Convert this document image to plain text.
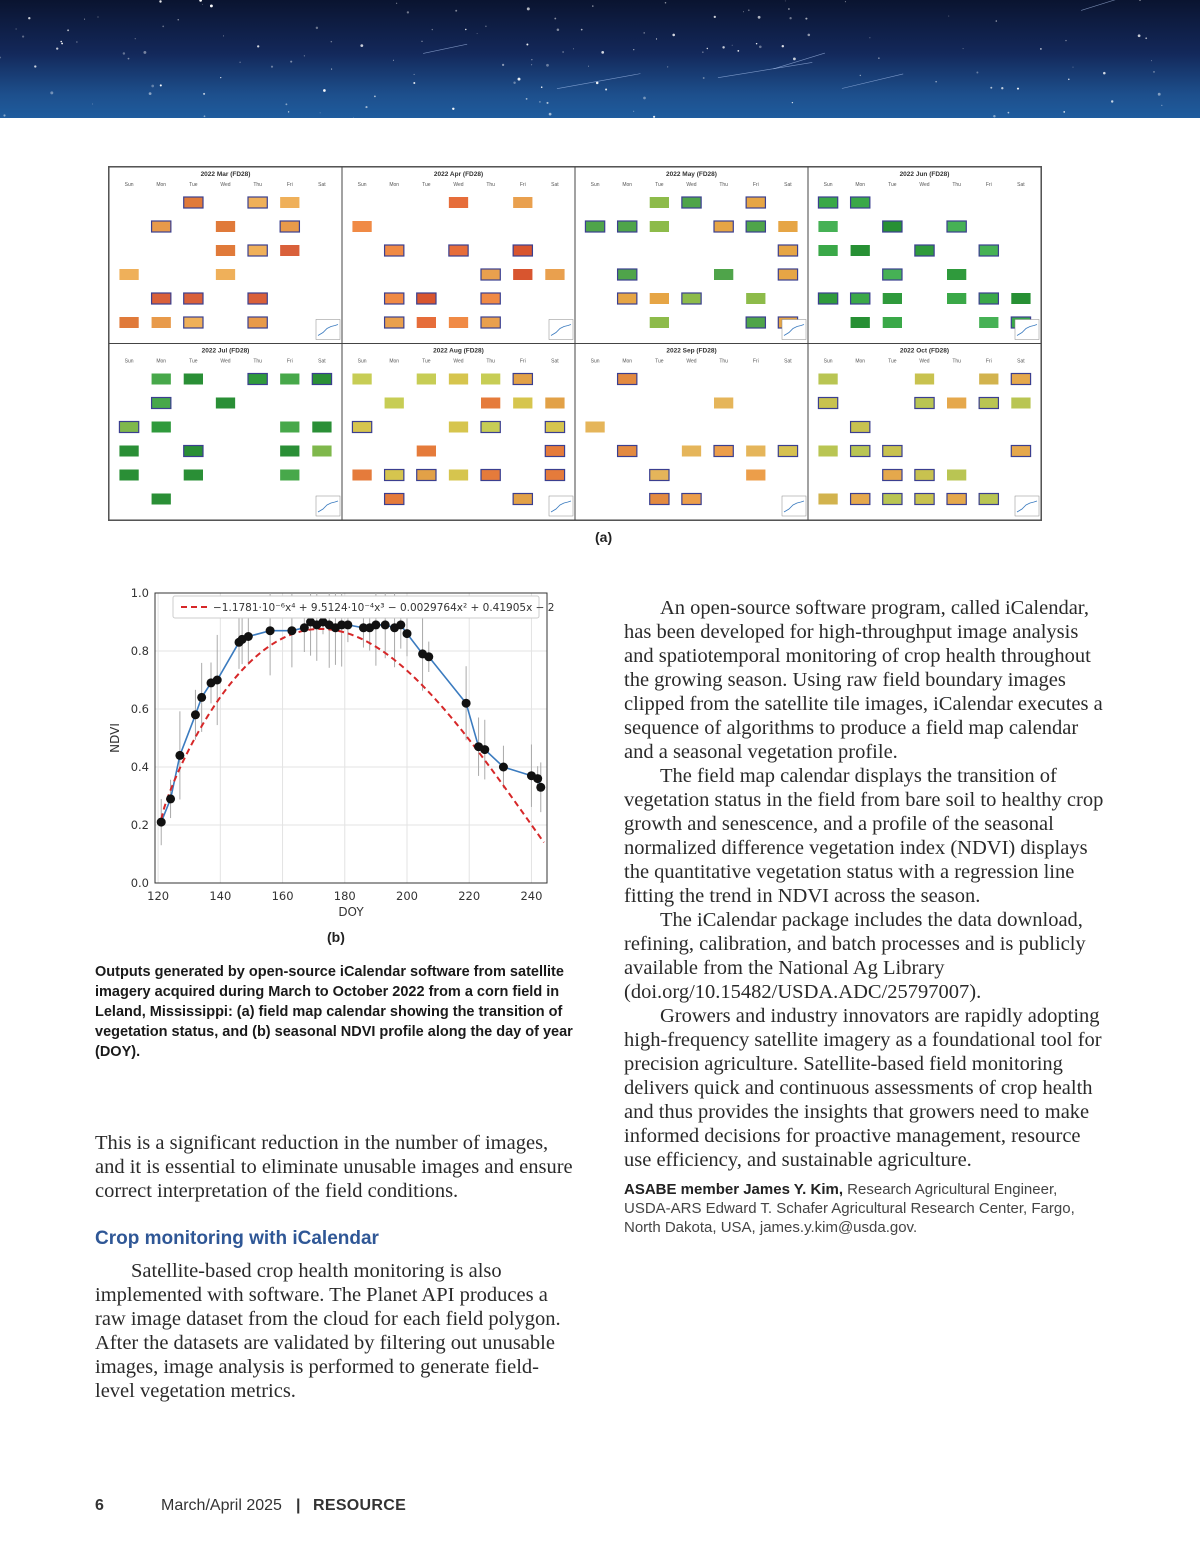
2022 Mar (FD28)
Sun	Mon	Tue	Wed	Thu	Fri	Sat
2022 Apr (FD28)
Sun	Mon	Tue	Wed	Thu	Fri	Sat
2022 May (FD28)
Sun	Mon	Tue	Wed	Thu	Fri	Sat
2022 Jun (FD28)
Sun	Mon	Tue	Wed	Thu	Fri	Sat
2022 Jul (FD28)
Sun	Mon	Tue	Wed	Thu	Fri	Sat
2022 Aug (FD28)
Sun	Mon	Tue	Wed	Thu	Fri	Sat
2022 Sep (FD28)
Sun	Mon	Tue	Wed	Thu	Fri	Sat
2022 Oct (FD28)
Sun	Mon	Tue	Wed	Thu	Fri	Sat
(a)
120	140	160	180	200	220	240
0.0
0.2
0.4
0.6
0.8
1.0
−1.1781·10⁻⁶x⁴ + 9.5124·10⁻⁴x³ − 0.0029764x² + 0.41905x − 21.206
DOY
NDVI
(b)
Outputs generated by open-source iCalendar software from satellite imagery acquired during March to October 2022 from a corn field in Leland, Mississippi: (a) field map calendar showing the transition of vegetation status, and (b) seasonal NDVI profile along the day of year (DOY).

This is a significant reduction in the number of images, and it is essential to eliminate unusable images and ensure correct interpretation of the field conditions.

Crop monitoring with iCalendar

Satellite-based crop health monitoring is also implemented with software. The Planet API produces a raw image dataset from the cloud for each field polygon. After the datasets are validated by filtering out unusable images, image analysis is performed to generate field-level vegetation metrics.

An open-source software program, called iCalendar, has been developed for high-throughput image analysis and spatiotemporal monitoring of crop health throughout the growing season. Using raw field boundary images clipped from the satellite tile images, iCalendar executes a sequence of algorithms to produce a field map calendar and a seasonal vegetation profile.

The field map calendar displays the transition of vegetation status in the field from bare soil to healthy crop growth and senescence, and a profile of the seasonal normalized difference vegetation index (NDVI) displays the quantitative vegetation status with a regression line fitting the trend in NDVI across the season.

The iCalendar package includes the data download, refining, calibration, and batch processes and is publicly available from the National Ag Library (doi.org/10.15482/USDA.ADC/25797007).

Growers and industry innovators are rapidly adopting high-frequency satellite imagery as a foundational tool for precision agriculture. Satellite-based field monitoring delivers quick and continuous assessments of crop health and thus provides the insights that growers need to make informed decisions for proactive management, resource use efficiency, and sustainable agriculture.

ASABE member James Y. Kim, Research Agricultural Engineer, USDA-ARS Edward T. Schafer Agricultural Research Center, Fargo, North Dakota, USA, james.y.kim@usda.gov.
6	March/April 2025 | RESOURCE
